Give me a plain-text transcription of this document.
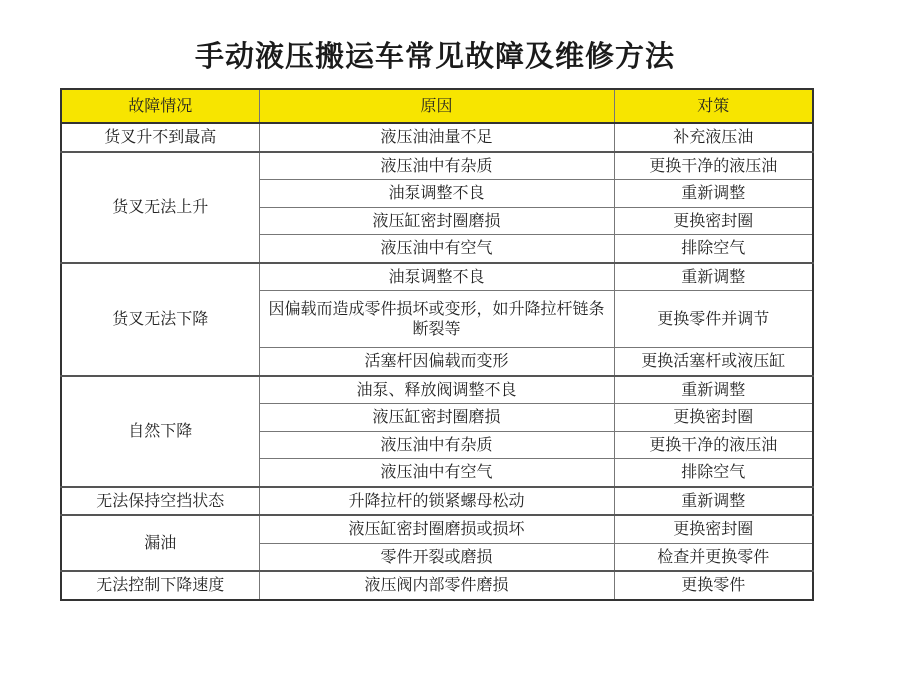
手动液压搬运车常见故障及维修方法
故障情况	原因	对策
货叉升不到最高	液压油油量不足	补充液压油
货叉无法上升	液压油中有杂质	更换干净的液压油
	油泵调整不良	重新调整
	液压缸密封圈磨损	更换密封圈
	液压油中有空气	排除空气
货叉无法下降	油泵调整不良	重新调整
	因偏载而造成零件损坏或变形，如升降拉杆链条断裂等	更换零件并调节
	活塞杆因偏载而变形	更换活塞杆或液压缸
自然下降	油泵、释放阀调整不良	重新调整
	液压缸密封圈磨损	更换密封圈
	液压油中有杂质	更换干净的液压油
	液压油中有空气	排除空气
无法保持空挡状态	升降拉杆的锁紧螺母松动	重新调整
漏油	液压缸密封圈磨损或损坏	更换密封圈
	零件开裂或磨损	检查并更换零件
无法控制下降速度	液压阀内部零件磨损	更换零件
